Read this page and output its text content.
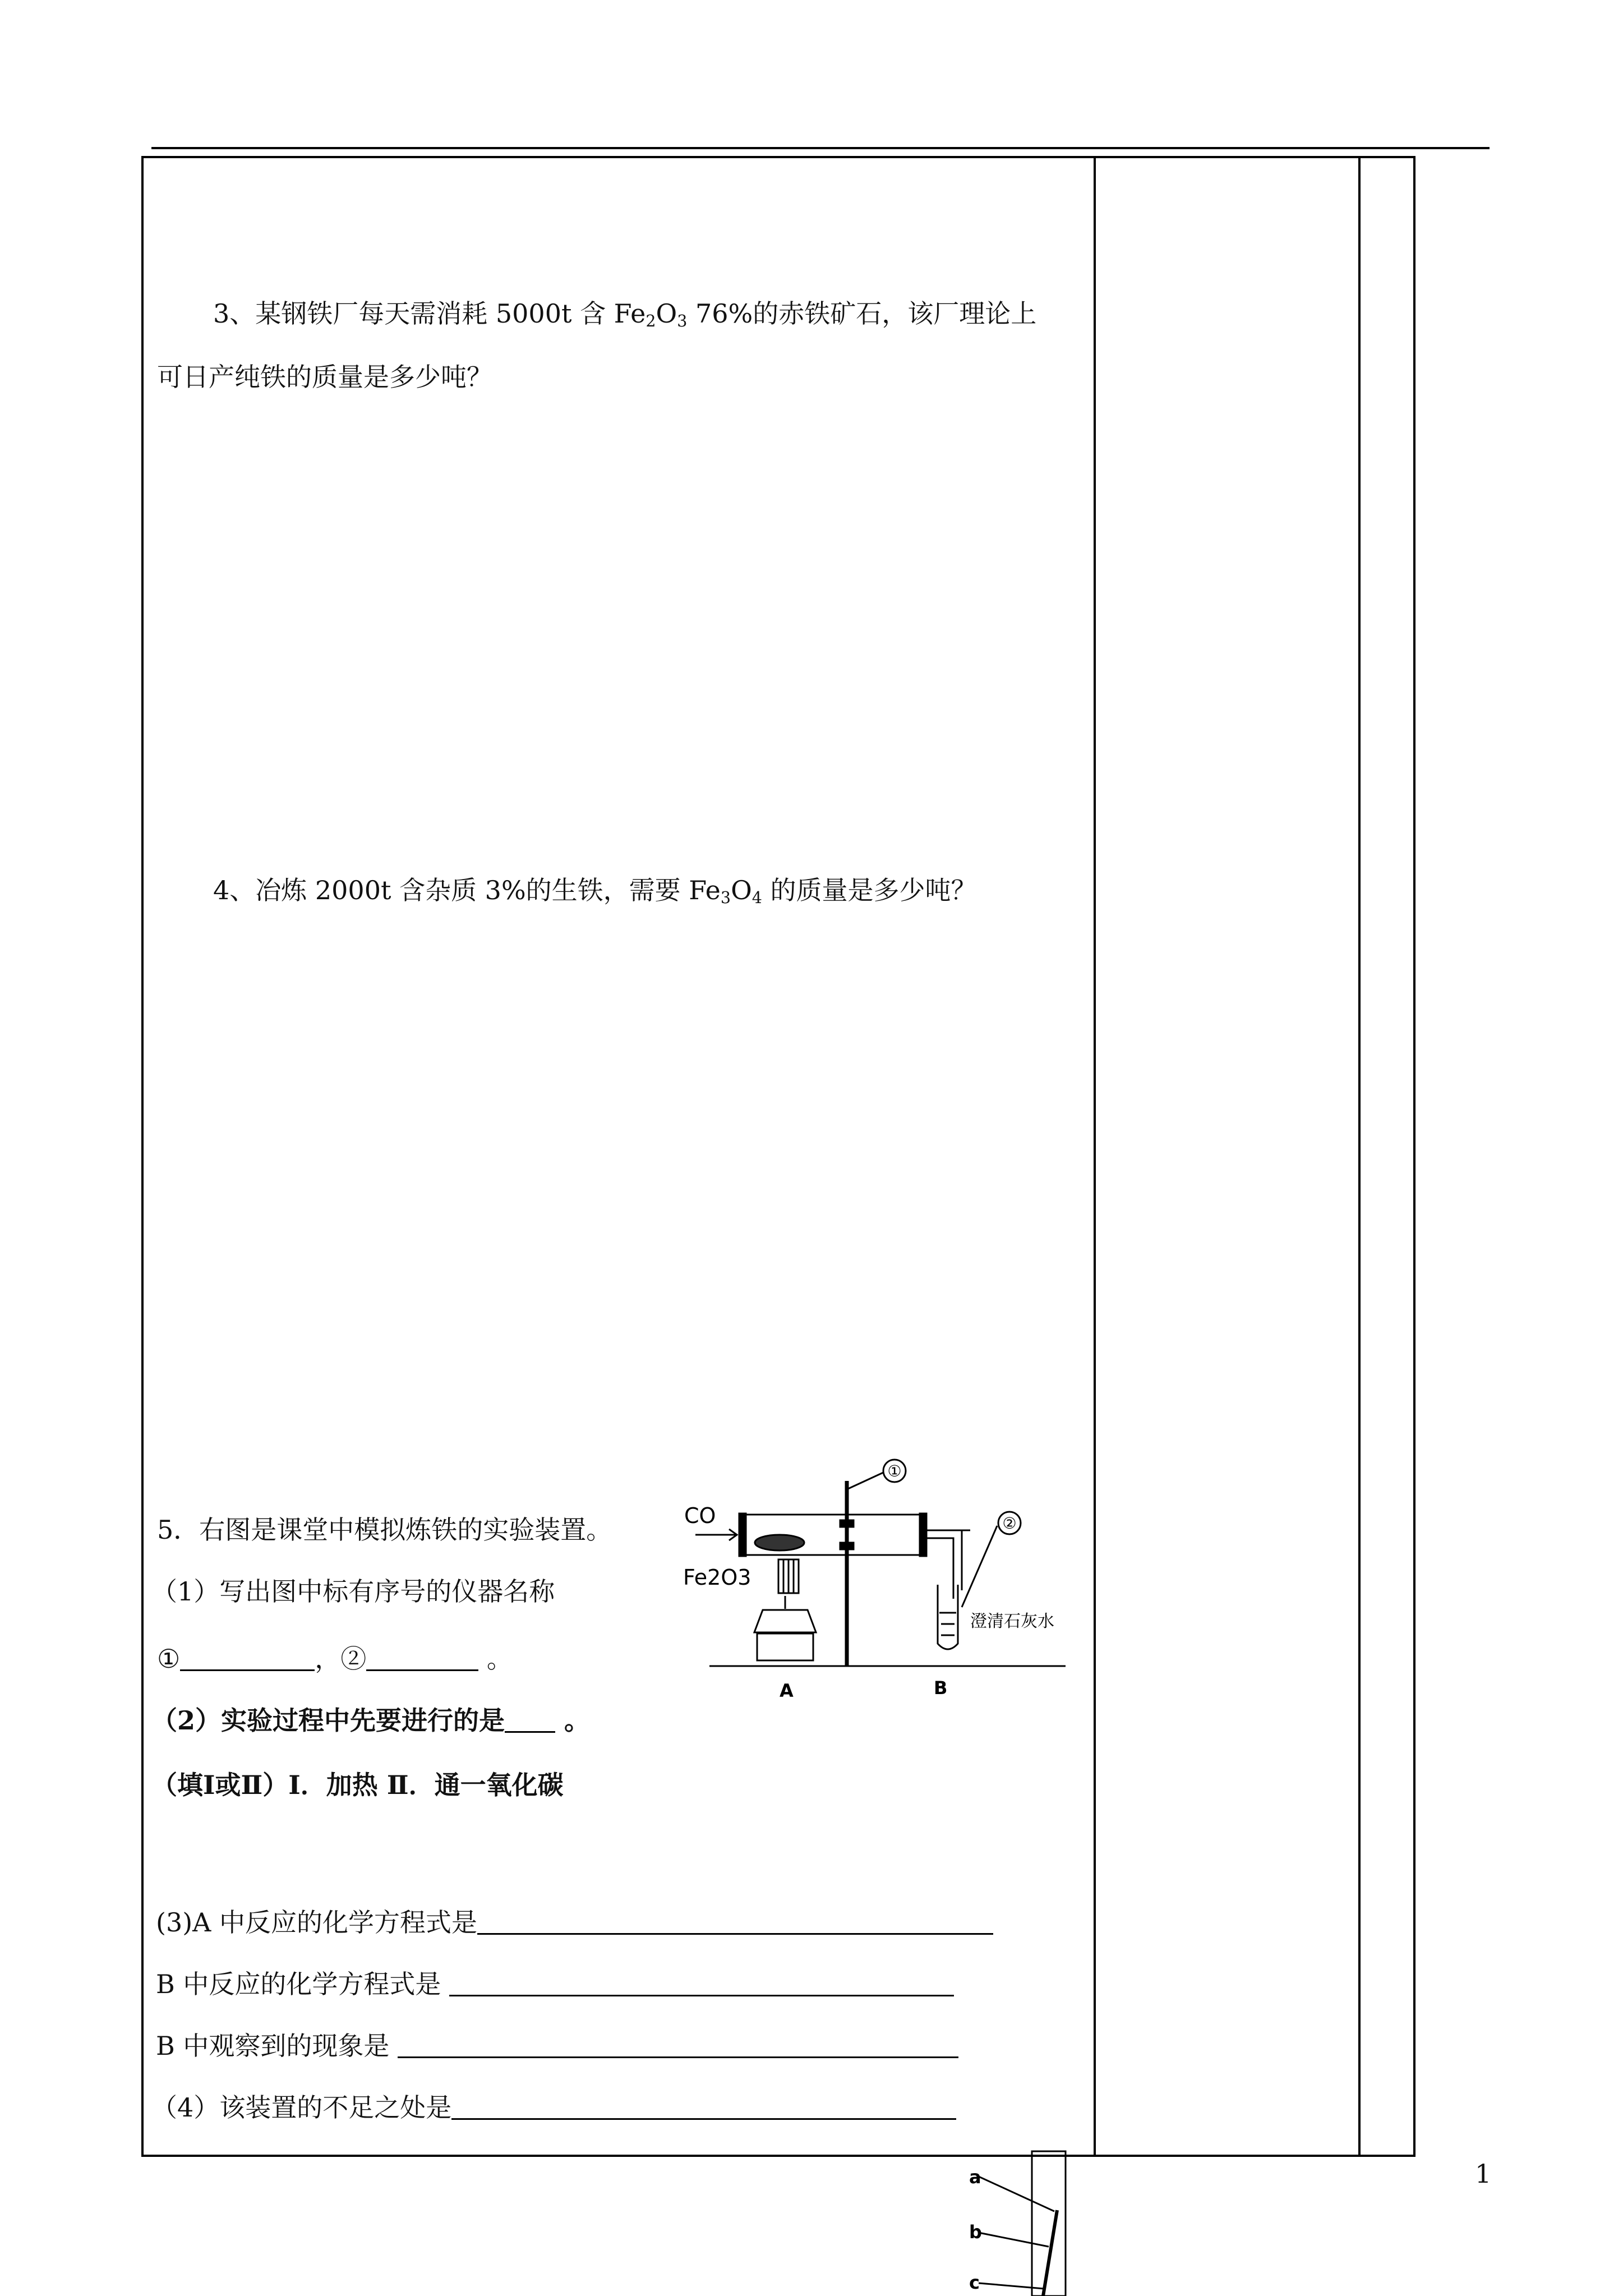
3、某钢铁厂每天需消耗 5000t 含 $Fe_2O_3$ 76%的赤铁矿石，该厂理论上
可日产纯铁的质量是多少吨？
4、冶炼 2000t 含杂质 3%的生铁，需要 $Fe_3O_4$ 的质量是多少吨？
5．右图是课堂中模拟炼铁的实验装置。
（1）写出图中标有序号的仪器名称
①	，②	。
（2）实验过程中先要进行的是 。
（填Ⅰ或Ⅱ）Ⅰ．加热 Ⅱ．通一氧化碳
(3)A 中反应的化学方程式是
B 中反应的化学方程式是
B 中观察到的现象是
（4）该装置的不足之处是
CO
Fe2O3
①
②
澄清石灰水
A	B
a
b
c
1
